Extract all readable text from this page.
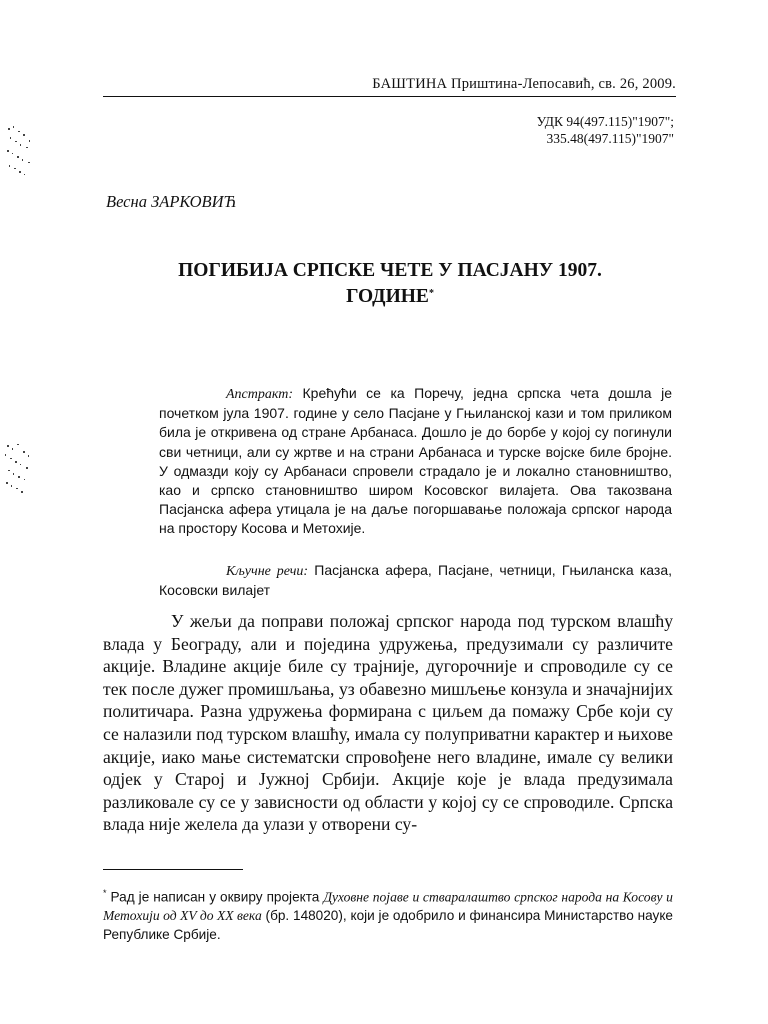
БАШТИНА Приштина-Лепосавић, св. 26, 2009.
УДК 94(497.115)"1907";
335.48(497.115)"1907"
Весна ЗАРКОВИЋ
ПОГИБИЈА СРПСКЕ ЧЕТЕ У ПАСЈАНУ 1907.
ГОДИНЕ*

Апстракт: Крећући се ка Поречу, једна српска чета дошла је почетком јула 1907. године у село Пасјане у Гњиланској кази и том приликом била је откривена од стране Арбанаса. Дошло је до борбе у којој су погинули сви четници, али су жртве и на страни Арбанаса и турске војске биле бројне. У одмазди коју су Арбанаси спровели страдало је и локално становништво, као и српско становништво широм Косовског вилајета. Ова такозвана Пасјанска афера утицала је на даље погоршавање положаја српског народа на простору Косова и Метохије.

Кључне речи: Пасјанска афера, Пасјане, четници, Гњиланска каза, Косовски вилајет

У жељи да поправи положај српског народа под турском влашћу влада у Београду, али и поједина удружења, предузимали су различите акције. Владине акције биле су трајније, дугорочније и спроводиле су се тек после дужег промишљања, уз обавезно мишљење конзула и значајнијих политичара. Разна удружења формирана с циљем да помажу Србе који су се налазили под турском влашћу, имала су полуприватни карактер и њихове акције, иако мање систематски спровођене него владине, имале су велики одјек у Старој и Јужној Србији. Акције које је влада предузимала разликовале су се у зависности од области у којој су се спроводиле. Српска влада није желела да улази у отворени су-

* Рад је написан у оквиру пројекта Духовне појаве и стваралаштво српског народа на Косову и Метохији од XV до XX века (бр. 148020), који је одобрило и финансира Министарство науке Републике Србије.
